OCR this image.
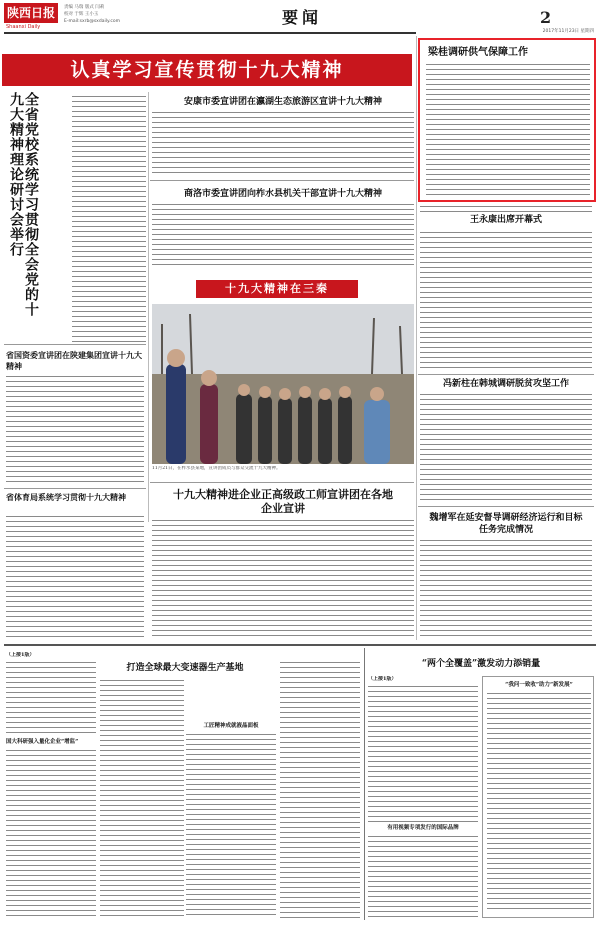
陕西日报
Shaanxi Daily
责编 马瑞 版式 闫莉
校对 于辉 王小玉
E-mail:sxrb@sxdaily.com	要闻
认真学习宣传贯彻十九大精神
全省党校系统学习贯彻全会党的十九大精神理论研讨会举行
省国资委宣讲团在陕建集团宣讲十九大精神
省体育局系统学习贯彻十九大精神
安康市委宣讲团在瀛湖生态旅游区宣讲十九大精神
商洛市委宣讲团向柞水县机关干部宣讲十九大精神
十九大精神在三秦
11月21日，在柞水县某地，宣讲团成员与群众交流十九大精神。
十九大精神进企业正高级政工师宣讲团在各地企业宣讲
2
2017年11月23日 星期四
梁桂调研供气保障工作
王永康出席开幕式
冯新柱在韩城调研脱贫攻坚工作
魏增军在延安督导调研经济运行和目标任务完成情况
（上接1版）
国大科研强入量化企业“增监”
打造全球最大变速器生产基地
工匠精神成就液晶面板
“两个全覆盖”激发动力添销量
（上接1版）
有用视频专项发行的国际品牌
“我问一致收”助力“新发展”
